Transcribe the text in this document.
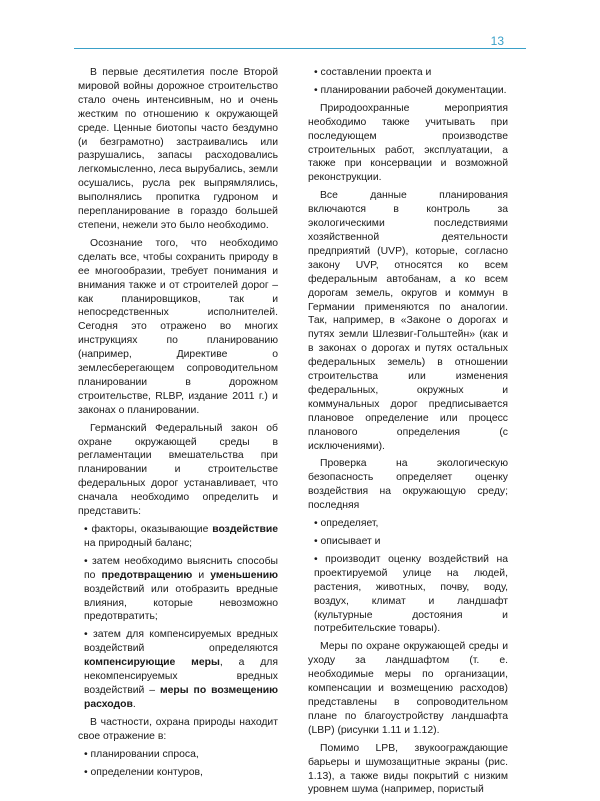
13

В первые десятилетия после Второй мировой войны дорожное строительство стало очень интенсивным, но и очень жестким по отношению к окружающей среде. Ценные биотопы часто бездумно (и безграмотно) застраивались или разрушались, запасы расходовались легкомысленно, леса вырубались, земли осушались, русла рек выпрямлялись, выполнялись пропитка гудроном и перепланирование в гораздо большей степени, нежели это было необходимо.

Осознание того, что необходимо сделать все, чтобы сохранить природу в ее многообразии, требует понимания и внимания также и от строителей дорог – как планировщиков, так и непосредственных исполнителей. Сегодня это отражено во многих инструкциях по планированию (например, Директиве о землесберегающем сопроводительном планировании в дорожном строительстве, RLBP, издание 2011 г.) и законах о планировании.

Германский Федеральный закон об охране окружающей среды в регламентации вмешательства при планировании и строительстве федеральных дорог устанавливает, что сначала необходимо определить и представить:

• факторы, оказывающие воздействие на природный баланс;

• затем необходимо выяснить способы по предотвращению и уменьшению воздействий или отобразить вредные влияния, которые невозможно предотвратить;

• затем для компенсируемых вредных воздействий определяются компенсирующие меры, а для некомпенсируемых вредных воздействий – меры по возмещению расходов.

В частности, охрана природы находит свое отражение в:

• планировании спроса,

• определении контуров,

• составлении проекта и

• планировании рабочей документации.

Природоохранные мероприятия необходимо также учитывать при последующем производстве строительных работ, эксплуатации, а также при консервации и возможной реконструкции.

Все данные планирования включаются в контроль за экологическими последствиями хозяйственной деятельности предприятий (UVP), которые, согласно закону UVP, относятся ко всем федеральным автобанам, а ко всем дорогам земель, округов и коммун в Германии применяются по аналогии. Так, например, в «Законе о дорогах и путях земли Шлезвиг-Гольштейн» (как и в законах о дорогах и путях остальных федеральных земель) в отношении строительства или изменения федеральных, окружных и коммунальных дорог предписывается плановое определение или процесс планового определения (с исключениями).

Проверка на экологическую безопасность определяет оценку воздействия на окружающую среду; последняя

• определяет,

• описывает и

• производит оценку воздействий на проектируемой улице на людей, растения, животных, почву, воду, воздух, климат и ландшафт (культурные достояния и потребительские товары).

Меры по охране окружающей среды и уходу за ландшафтом (т. е. необходимые меры по организации, компенсации и возмещению расходов) представлены в сопроводительном плане по благоустройству ландшафта (LBP) (рисунки 1.11 и 1.12).

Помимо LPB, звукоограждающие барьеры и шумозащитные экраны (рис. 1.13), а также виды покрытий с низким уровнем шума (например, пористый
